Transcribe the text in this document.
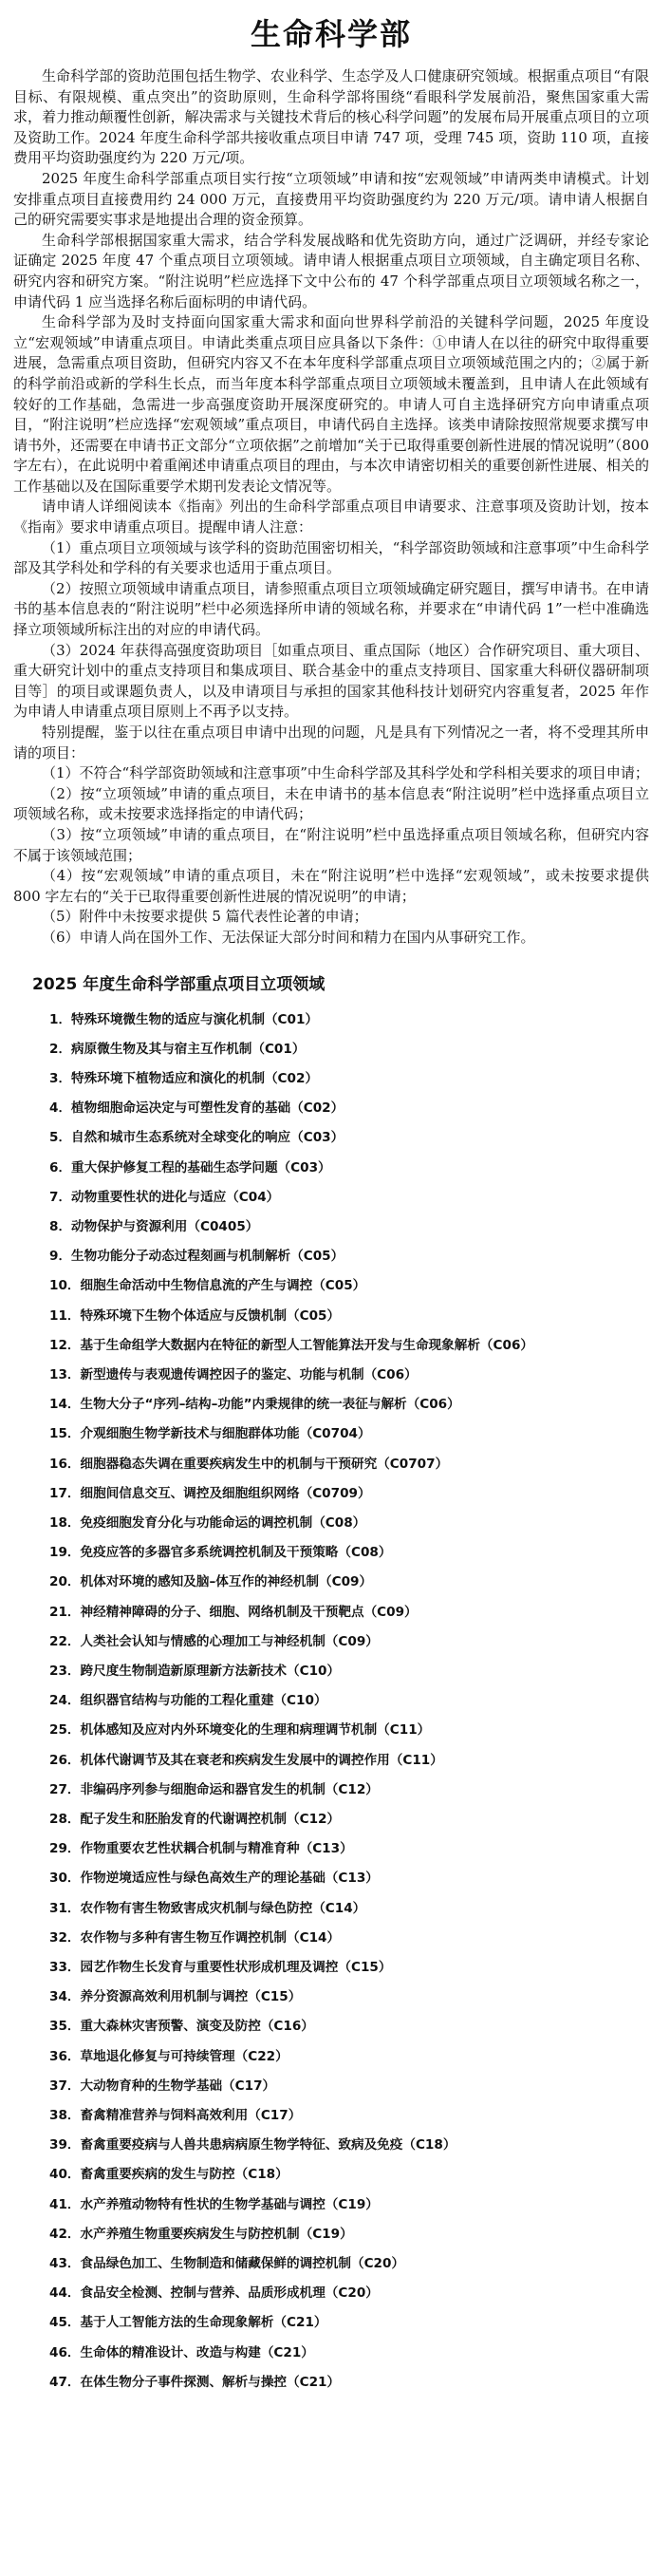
生命科学部

生命科学部的资助范围包括生物学、农业科学、生态学及人口健康研究领域。根据重点项目“有限目标、有限规模、重点突出”的资助原则，生命科学部将围绕“看眼科学发展前沿，聚焦国家重大需求，着力推动颠覆性创新，解决需求与关键技术背后的核心科学问题”的发展布局开展重点项目的立项及资助工作。2024 年度生命科学部共接收重点项目申请 747 项，受理 745 项，资助 110 项，直接费用平均资助强度约为 220 万元/项。

2025 年度生命科学部重点项目实行按“立项领域”申请和按“宏观领域”申请两类申请模式。计划安排重点项目直接费用约 24 000 万元，直接费用平均资助强度约为 220 万元/项。请申请人根据自己的研究需要实事求是地提出合理的资金预算。

生命科学部根据国家重大需求，结合学科发展战略和优先资助方向，通过广泛调研，并经专家论证确定 2025 年度 47 个重点项目立项领域。请申请人根据重点项目立项领域，自主确定项目名称、研究内容和研究方案。“附注说明”栏应选择下文中公布的 47 个科学部重点项目立项领域名称之一，申请代码 1 应当选择名称后面标明的申请代码。

生命科学部为及时支持面向国家重大需求和面向世界科学前沿的关键科学问题，2025 年度设立“宏观领域”申请重点项目。申请此类重点项目应具备以下条件：①申请人在以往的研究中取得重要进展，急需重点项目资助，但研究内容又不在本年度科学部重点项目立项领域范围之内的；②属于新的科学前沿或新的学科生长点，而当年度本科学部重点项目立项领域未覆盖到，且申请人在此领域有较好的工作基础，急需进一步高强度资助开展深度研究的。申请人可自主选择研究方向申请重点项目，“附注说明”栏应选择“宏观领域”重点项目，申请代码自主选择。该类申请除按照常规要求撰写申请书外，还需要在申请书正文部分“立项依据”之前增加“关于已取得重要创新性进展的情况说明”（800 字左右），在此说明中着重阐述申请重点项目的理由，与本次申请密切相关的重要创新性进展、相关的工作基础以及在国际重要学术期刊发表论文情况等。

请申请人详细阅读本《指南》列出的生命科学部重点项目申请要求、注意事项及资助计划，按本《指南》要求申请重点项目。提醒申请人注意：

（1）重点项目立项领域与该学科的资助范围密切相关，“科学部资助领域和注意事项”中生命科学部及其学科处和学科的有关要求也适用于重点项目。

（2）按照立项领域申请重点项目，请参照重点项目立项领域确定研究题目，撰写申请书。在申请书的基本信息表的“附注说明”栏中必须选择所申请的领域名称，并要求在“申请代码 1”一栏中准确选择立项领域所标注出的对应的申请代码。

（3）2024 年获得高强度资助项目［如重点项目、重点国际（地区）合作研究项目、重大项目、重大研究计划中的重点支持项目和集成项目、联合基金中的重点支持项目、国家重大科研仪器研制项目等］的项目或课题负责人，以及申请项目与承担的国家其他科技计划研究内容重复者，2025 年作为申请人申请重点项目原则上不再予以支持。

特别提醒，鉴于以往在重点项目申请中出现的问题，凡是具有下列情况之一者，将不受理其所申请的项目：

（1）不符合“科学部资助领域和注意事项”中生命科学部及其科学处和学科相关要求的项目申请；

（2）按“立项领域”申请的重点项目，未在申请书的基本信息表“附注说明”栏中选择重点项目立项领域名称，或未按要求选择指定的申请代码；

（3）按“立项领域”申请的重点项目，在“附注说明”栏中虽选择重点项目领域名称，但研究内容不属于该领域范围；

（4）按“宏观领域”申请的重点项目，未在“附注说明”栏中选择“宏观领域”，或未按要求提供 800 字左右的“关于已取得重要创新性进展的情况说明”的申请；

（5）附件中未按要求提供 5 篇代表性论著的申请；

（6）申请人尚在国外工作、无法保证大部分时间和精力在国内从事研究工作。

2025 年度生命科学部重点项目立项领域
1．特殊环境微生物的适应与演化机制（C01）
2．病原微生物及其与宿主互作机制（C01）
3．特殊环境下植物适应和演化的机制（C02）
4．植物细胞命运决定与可塑性发育的基础（C02）
5．自然和城市生态系统对全球变化的响应（C03）
6．重大保护修复工程的基础生态学问题（C03）
7．动物重要性状的进化与适应（C04）
8．动物保护与资源利用（C0405）
9．生物功能分子动态过程刻画与机制解析（C05）
10．细胞生命活动中生物信息流的产生与调控（C05）
11．特殊环境下生物个体适应与反馈机制（C05）
12．基于生命组学大数据内在特征的新型人工智能算法开发与生命现象解析（C06）
13．新型遗传与表观遗传调控因子的鉴定、功能与机制（C06）
14．生物大分子“序列–结构–功能”内秉规律的统一表征与解析（C06）
15．介观细胞生物学新技术与细胞群体功能（C0704）
16．细胞器稳态失调在重要疾病发生中的机制与干预研究（C0707）
17．细胞间信息交互、调控及细胞组织网络（C0709）
18．免疫细胞发育分化与功能命运的调控机制（C08）
19．免疫应答的多器官多系统调控机制及干预策略（C08）
20．机体对环境的感知及脑–体互作的神经机制（C09）
21．神经精神障碍的分子、细胞、网络机制及干预靶点（C09）
22．人类社会认知与情感的心理加工与神经机制（C09）
23．跨尺度生物制造新原理新方法新技术（C10）
24．组织器官结构与功能的工程化重建（C10）
25．机体感知及应对内外环境变化的生理和病理调节机制（C11）
26．机体代谢调节及其在衰老和疾病发生发展中的调控作用（C11）
27．非编码序列参与细胞命运和器官发生的机制（C12）
28．配子发生和胚胎发育的代谢调控机制（C12）
29．作物重要农艺性状耦合机制与精准育种（C13）
30．作物逆境适应性与绿色高效生产的理论基础（C13）
31．农作物有害生物致害成灾机制与绿色防控（C14）
32．农作物与多种有害生物互作调控机制（C14）
33．园艺作物生长发育与重要性状形成机理及调控（C15）
34．养分资源高效利用机制与调控（C15）
35．重大森林灾害预警、演变及防控（C16）
36．草地退化修复与可持续管理（C22）
37．大动物育种的生物学基础（C17）
38．畜禽精准营养与饲料高效利用（C17）
39．畜禽重要疫病与人兽共患病病原生物学特征、致病及免疫（C18）
40．畜禽重要疾病的发生与防控（C18）
41．水产养殖动物特有性状的生物学基础与调控（C19）
42．水产养殖生物重要疾病发生与防控机制（C19）
43．食品绿色加工、生物制造和储藏保鲜的调控机制（C20）
44．食品安全检测、控制与营养、品质形成机理（C20）
45．基于人工智能方法的生命现象解析（C21）
46．生命体的精准设计、改造与构建（C21）
47．在体生物分子事件探测、解析与操控（C21）
